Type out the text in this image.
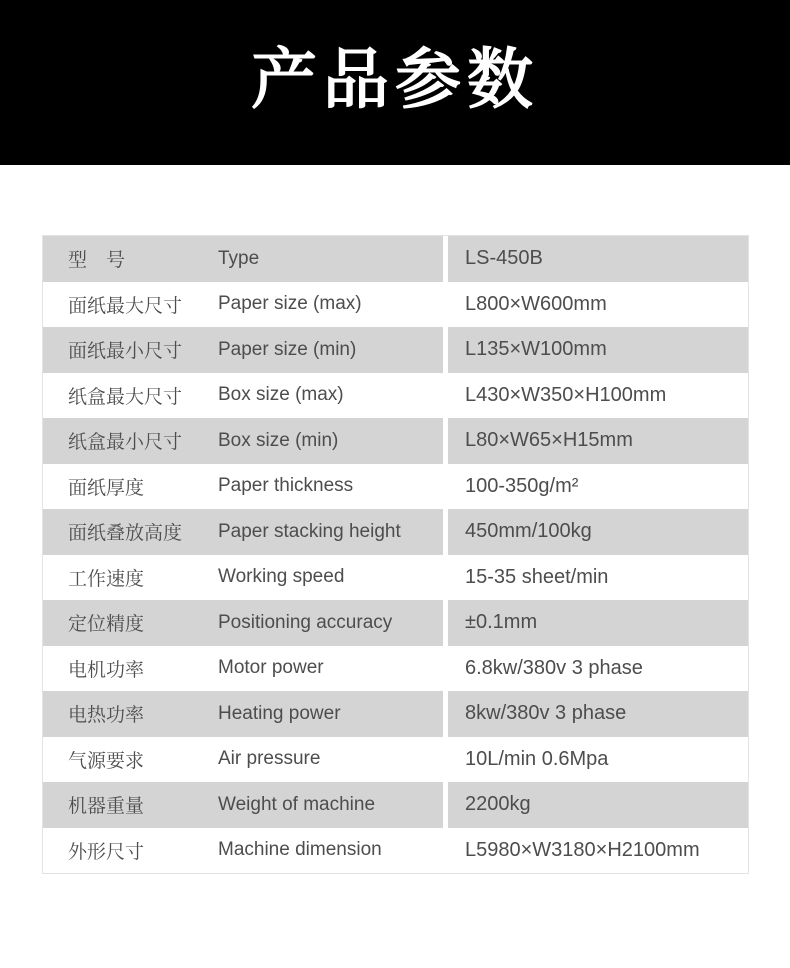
产品参数
型　号	Type	LS-450B
面纸最大尺寸	Paper size (max)	L800×W600mm
面纸最小尺寸	Paper size (min)	L135×W100mm
纸盒最大尺寸	Box size (max)	L430×W350×H100mm
纸盒最小尺寸	Box size (min)	L80×W65×H15mm
面纸厚度	Paper thickness	100-350g/m²
面纸叠放高度	Paper stacking height	450mm/100kg
工作速度	Working speed	15-35 sheet/min
定位精度	Positioning accuracy	±0.1mm
电机功率	Motor power	6.8kw/380v 3 phase
电热功率	Heating power	8kw/380v 3 phase
气源要求	Air pressure	10L/min 0.6Mpa
机器重量	Weight of machine	2200kg
外形尺寸	Machine dimension	L5980×W3180×H2100mm
